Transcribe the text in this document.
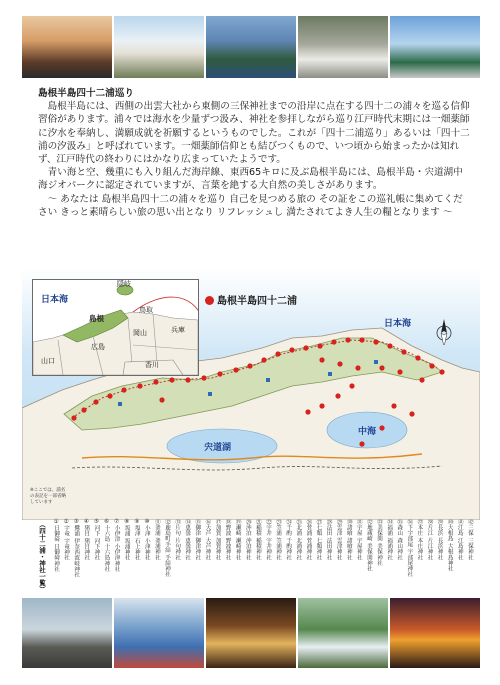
島根半島四十二浦巡り

島根半島には、西側の出雲大社から東側の三保神社までの沿岸に点在する四十二の浦々を巡る信仰習俗があります。浦々では海水を少量ずつ汲み、神社を参拝しながら巡り江戸時代末期には一畑薬師に汐水を奉納し、満願成就を祈願するというものでした。これが「四十二浦巡り」あるいは「四十二浦の汐汲み」と呼ばれています。一畑薬師信仰とも結びつくもので、いつ頃から始まったかは知れず、江戸時代の終わりにはかなり広まっていたようです。

青い海と空、幾重にも入り組んだ海岸線、東西65キロに及ぶ島根半島には、島根半島・宍道湖中海ジオパークに認定されていますが、言葉を絶する大自然の美しさがあります。

〜 あなたは 島根半島四十二の浦々を巡り 自己を見つめる旅の その証をこの巡礼帳に集めてください きっと素晴らしい旅の思い出となり リフレッシュし 満たされてよき人生の糧となります 〜

日本海
隠岐
島根
鳥取
広島
岡山	兵庫
山口	香川
島根半島四十二浦
日本海
宍道湖
中海
※ここでは、浦名の表記を一部省略しています
（四十二浦・神社一覧） ①日御碕 日御碕神社 ②宇竜 宇竜神社 ③鷺浦 伊奈西波岐神社 ④猪目 猪目神社 ⑤河下 河下神社 ⑥十六島 十六島神社 ⑦小伊津 小伊津神社 ⑧坂浦 坂浦神社 ⑨塩津 石上神社 ⑩小津 小津神社 ⑪釜浦 釜浦神社 ⑫鹿島町手結 手結神社 ⑬片句 片句神社 ⑭恵曇 恵曇神社 ⑮御津 御津神社 ⑯大芦 大芦神社 ⑰加賀 加賀神社 ⑱野波 野波神社 ⑲瀬崎 瀬崎神社 ⑳沖泊 沖泊神社 ㉑稲積 稲積神社 ㉒宇井 宇井神社 ㉓笠浦 笠浦神社 ㉔千酌 千酌神社 ㉕北浦 北浦神社 ㉖菅浦 菅浦神社 ㉗七類 七類神社 ㉘法田 法田神社 ㉙雲津 雲津神社 ㉚諸喰 諸喰神社 ㉛宇屋 宇屋神社 ㉜地蔵崎 美保関神社 ㉝美保関 美保神社 ㉞福浦 福浦神社 ㉟森山 森山神社 ㊱下宇部尾 宇部尾神社 ㊲本庄 本庄神社 ㊳片江 片江神社 ㊴長浜 長浜神社 ㊵大根島 大根島神社 ㊶江島 江島神社 ㊷三保 三保神社
